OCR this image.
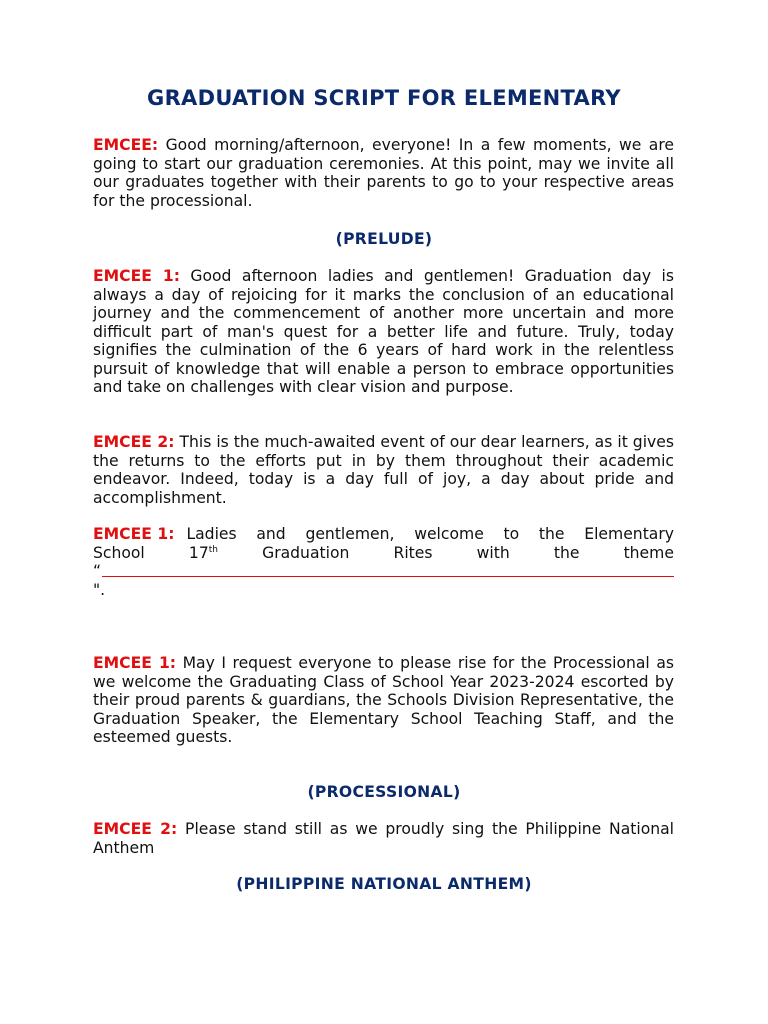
GRADUATION SCRIPT FOR ELEMENTARY
EMCEE: Good morning/afternoon, everyone! In a few moments, we are going to start our graduation ceremonies. At this point, may we invite all our graduates together with their parents to go to your respective areas for the processional.
(PRELUDE)
EMCEE 1: Good afternoon ladies and gentlemen! Graduation day is always a day of rejoicing for it marks the conclusion of an educational journey and the commencement of another more uncertain and more difficult part of man's quest for a better life and future. Truly, today signifies the culmination of the 6 years of hard work in the relentless pursuit of knowledge that will enable a person to embrace opportunities and take on challenges with clear vision and purpose.
EMCEE 2: This is the much-awaited event of our dear learners, as it gives the returns to the efforts put in by them throughout their academic endeavor. Indeed, today is a day full of joy, a day about pride and accomplishment.
EMCEE 1: Ladies and gentlemen, welcome to the Elementary
School	17th	Graduation	Rites	with	the	theme
“
".
EMCEE 1: May I request everyone to please rise for the Processional as we welcome the Graduating Class of School Year 2023-2024 escorted by their proud parents & guardians, the Schools Division Representative, the Graduation Speaker, the Elementary School Teaching Staff, and the esteemed guests.
(PROCESSIONAL)
EMCEE 2: Please stand still as we proudly sing the Philippine National Anthem
(PHILIPPINE NATIONAL ANTHEM)
